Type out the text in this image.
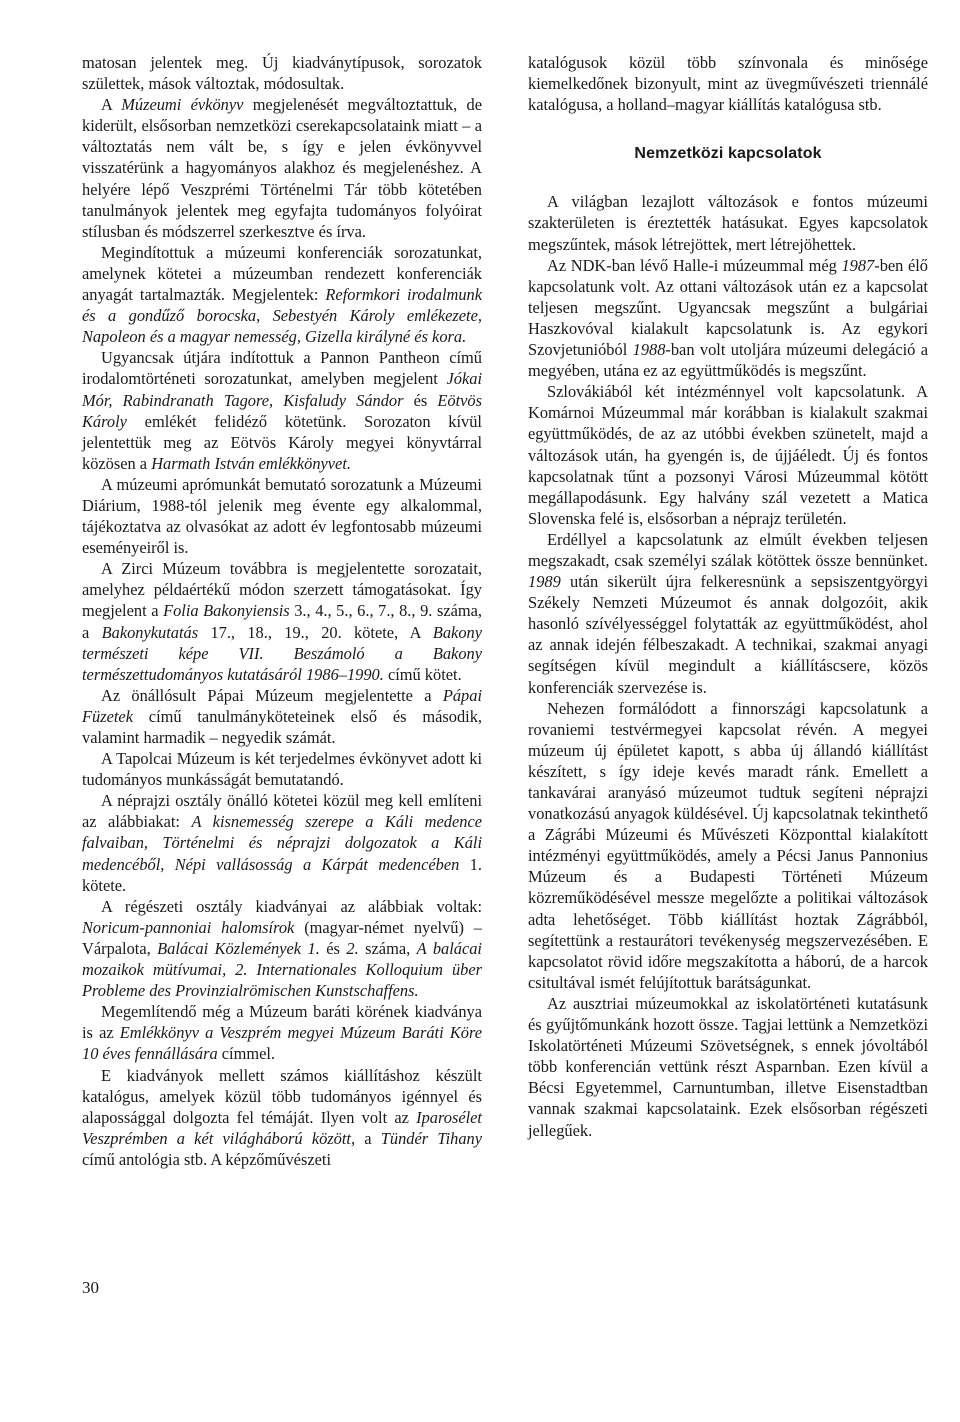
matosan jelentek meg. Új kiadványtípusok, sorozatok születtek, mások változtak, módosultak.

A Múzeumi évkönyv megjelenését megváltoztattuk, de kiderült, elsősorban nemzetközi cserekapcsolataink miatt – a változtatás nem vált be, s így e jelen évkönyvvel visszatérünk a hagyományos alakhoz és megjelenéshez. A helyére lépő Veszprémi Történelmi Tár több kötetében tanulmányok jelentek meg egyfajta tudományos folyóirat stílusban és módszerrel szerkesztve és írva.

Megindítottuk a múzeumi konferenciák sorozatunkat, amelynek kötetei a múzeumban rendezett konferenciák anyagát tartalmazták. Megjelentek: Reformkori irodalmunk és a gondűző borocska, Sebestyén Károly emlékezete, Napoleon és a magyar nemesség, Gizella királyné és kora.

Ugyancsak útjára indítottuk a Pannon Pantheon című irodalomtörténeti sorozatunkat, amelyben megjelent Jókai Mór, Rabindranath Tagore, Kisfaludy Sándor és Eötvös Károly emlékét felidéző kötetünk. Sorozaton kívül jelentettük meg az Eötvös Károly megyei könyvtárral közösen a Harmath István emlékkönyvet.

A múzeumi aprómunkát bemutató sorozatunk a Múzeumi Diárium, 1988-tól jelenik meg évente egy alkalommal, tájékoztatva az olvasókat az adott év legfontosabb múzeumi eseményeiről is.

A Zirci Múzeum továbbra is megjelentette sorozatait, amelyhez példaértékű módon szerzett támogatásokat. Így megjelent a Folia Bakonyiensis 3., 4., 5., 6., 7., 8., 9. száma, a Bakonykutatás 17., 18., 19., 20. kötete, A Bakony természeti képe VII. Beszámoló a Bakony természettudományos kutatásáról 1986–1990. című kötet.

Az önállósult Pápai Múzeum megjelentette a Pápai Füzetek című tanulmányköteteinek első és második, valamint harmadik – negyedik számát.

A Tapolcai Múzeum is két terjedelmes évkönyvet adott ki tudományos munkásságát bemutatandó.

A néprajzi osztály önálló kötetei közül meg kell említeni az alábbiakat: A kisnemesség szerepe a Káli medence falvaiban, Történelmi és néprajzi dolgozatok a Káli medencéből, Népi vallásosság a Kárpát medencében 1. kötete.

A régészeti osztály kiadványai az alábbiak voltak: Noricum-pannoniai halomsírok (magyar-német nyelvű) – Várpalota, Balácai Közlemények 1. és 2. száma, A balácai mozaikok mütívumai, 2. Internationales Kolloquium über Probleme des Provinzialrömischen Kunstschaffens.

Megemlítendő még a Múzeum baráti körének kiadványa is az Emlékkönyv a Veszprém megyei Múzeum Baráti Köre 10 éves fennállására címmel.

E kiadványok mellett számos kiállításhoz készült katalógus, amelyek közül több tudományos igénnyel és alapossággal dolgozta fel témáját. Ilyen volt az Iparosélet Veszprémben a két világháború között, a Tündér Tihany című antológia stb. A képzőművészeti

katalógusok közül több színvonala és minősége kiemelkedőnek bizonyult, mint az üvegművészeti triennálé katalógusa, a holland–magyar kiállítás katalógusa stb.

Nemzetközi kapcsolatok

A világban lezajlott változások e fontos múzeumi szakterületen is éreztették hatásukat. Egyes kapcsolatok megszűntek, mások létrejöttek, mert létrejöhettek.

Az NDK-ban lévő Halle-i múzeummal még 1987-ben élő kapcsolatunk volt. Az ottani változások után ez a kapcsolat teljesen megszűnt. Ugyancsak megszűnt a bulgáriai Haszkovóval kialakult kapcsolatunk is. Az egykori Szovjetunióból 1988-ban volt utoljára múzeumi delegáció a megyében, utána ez az együttműködés is megszűnt.

Szlovákiából két intézménnyel volt kapcsolatunk. A Komárnoi Múzeummal már korábban is kialakult szakmai együttműködés, de az az utóbbi években szünetelt, majd a változások után, ha gyengén is, de újjáéledt. Új és fontos kapcsolatnak tűnt a pozsonyi Városi Múzeummal kötött megállapodásunk. Egy halvány szál vezetett a Matica Slovenska felé is, elsősorban a néprajz területén.

Erdéllyel a kapcsolatunk az elmúlt években teljesen megszakadt, csak személyi szálak kötöttek össze bennünket. 1989 után sikerült újra felkeresnünk a sepsiszentgyörgyi Székely Nemzeti Múzeumot és annak dolgozóit, akik hasonló szívélyességgel folytatták az együttműködést, ahol az annak idején félbeszakadt. A technikai, szakmai anyagi segítségen kívül megindult a kiállításcsere, közös konferenciák szervezése is.

Nehezen formálódott a finnországi kapcsolatunk a rovaniemi testvérmegyei kapcsolat révén. A megyei múzeum új épületet kapott, s abba új állandó kiállítást készített, s így ideje kevés maradt ránk. Emellett a tankavárai aranyásó múzeumot tudtuk segíteni néprajzi vonatkozású anyagok küldésével. Új kapcsolatnak tekinthető a Zágrábi Múzeumi és Művészeti Központtal kialakított intézményi együttműködés, amely a Pécsi Janus Pannonius Múzeum és a Budapesti Történeti Múzeum közreműködésével messze megelőzte a politikai változások adta lehetőséget. Több kiállítást hoztak Zágrábból, segítettünk a restaurátori tevékenység megszervezésében. E kapcsolatot rövid időre megszakította a háború, de a harcok csitultával ismét felújítottuk barátságunkat.

Az ausztriai múzeumokkal az iskolatörténeti kutatásunk és gyűjtőmunkánk hozott össze. Tagjai lettünk a Nemzetközi Iskolatörténeti Múzeumi Szövetségnek, s ennek jóvoltából több konferencián vettünk részt Asparnban. Ezen kívül a Bécsi Egyetemmel, Carnuntumban, illetve Eisenstadtban vannak szakmai kapcsolataink. Ezek elsősorban régészeti jellegűek.

30
